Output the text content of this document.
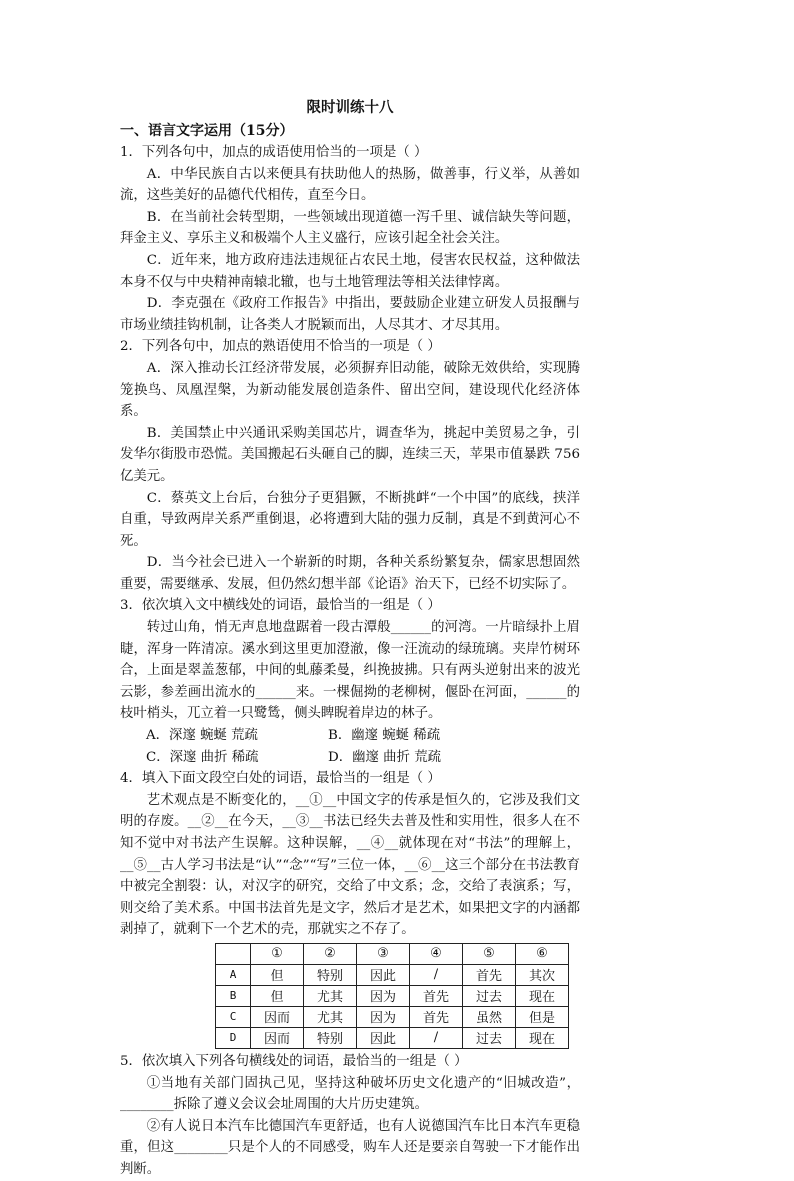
限时训练十八
一、语言文字运用（15分）
1．下列各句中，加点的成语使用恰当的一项是（ ）
A．中华民族自古以来便具有扶助他人的热肠，做善事，行义举，从善如流，这些美好的品德代代相传，直至今日。
B．在当前社会转型期，一些领域出现道德一泻千里、诚信缺失等问题，拜金主义、享乐主义和极端个人主义盛行，应该引起全社会关注。
C．近年来，地方政府违法违规征占农民土地，侵害农民权益，这种做法本身不仅与中央精神南辕北辙，也与土地管理法等相关法律悖离。
D．李克强在《政府工作报告》中指出，要鼓励企业建立研发人员报酬与市场业绩挂钩机制，让各类人才脱颖而出，人尽其才、才尽其用。
2．下列各句中，加点的熟语使用不恰当的一项是（ ）
A．深入推动长江经济带发展，必须摒弃旧动能，破除无效供给，实现腾笼换鸟、凤凰涅槃，为新动能发展创造条件、留出空间，建设现代化经济体系。
B．美国禁止中兴通讯采购美国芯片，调查华为，挑起中美贸易之争，引发华尔街股市恐慌。美国搬起石头砸自己的脚，连续三天，苹果市值暴跌 756 亿美元。
C．蔡英文上台后，台独分子更猖獗，不断挑衅“一个中国”的底线，挟洋自重，导致两岸关系严重倒退，必将遭到大陆的强力反制，真是不到黄河心不死。
D．当今社会已进入一个崭新的时期，各种关系纷繁复杂，儒家思想固然重要，需要继承、发展，但仍然幻想半部《论语》治天下，已经不切实际了。
3．依次填入文中横线处的词语，最恰当的一组是（ ）
转过山角，悄无声息地盘踞着一段古潭般______的河湾。一片暗绿扑上眉睫，浑身一阵清凉。溪水到这里更加澄澈，像一汪流动的绿琉璃。夹岸竹树环合，上面是翠盖葱郁，中间的虬藤柔曼，纠挽披拂。只有两头逆射出来的波光云影，参差画出流水的______来。一棵倔拗的老柳树，偃卧在河面，______的枝叶梢头，兀立着一只鹭鸶，侧头睥睨着岸边的林子。
A．深邃 蜿蜒 荒疏	B．幽邃 蜿蜒 稀疏
C．深邃 曲折 稀疏	D．幽邃 曲折 荒疏
4．填入下面文段空白处的词语，最恰当的一组是（ ）
艺术观点是不断变化的，__①__中国文字的传承是恒久的，它涉及我们文明的存废。__②__在今天，__③__书法已经失去普及性和实用性，很多人在不知不觉中对书法产生误解。这种误解，__④__就体现在对“书法”的理解上，__⑤__古人学习书法是“认”“念”“写”三位一体，__⑥__这三个部分在书法教育中被完全割裂：认，对汉字的研究，交给了中文系；念，交给了表演系；写，则交给了美术系。中国书法首先是文字，然后才是艺术，如果把文字的内涵都剥掉了，就剩下一个艺术的壳，那就实之不存了。
	①	②	③	④	⑤	⑥
A	但	特别	因此	/	首先	其次
B	但	尤其	因为	首先	过去	现在
C	因而	尤其	因为	首先	虽然	但是
D	因而	特别	因此	/	过去	现在
5．依次填入下列各句横线处的词语，最恰当的一组是（ ）
①当地有关部门固执己见，坚持这种破坏历史文化遗产的“旧城改造”，________拆除了遵义会议会址周围的大片历史建筑。
②有人说日本汽车比德国汽车更舒适，也有人说德国汽车比日本汽车更稳重，但这________只是个人的不同感受，购车人还是要亲自驾驶一下才能作出判断。
